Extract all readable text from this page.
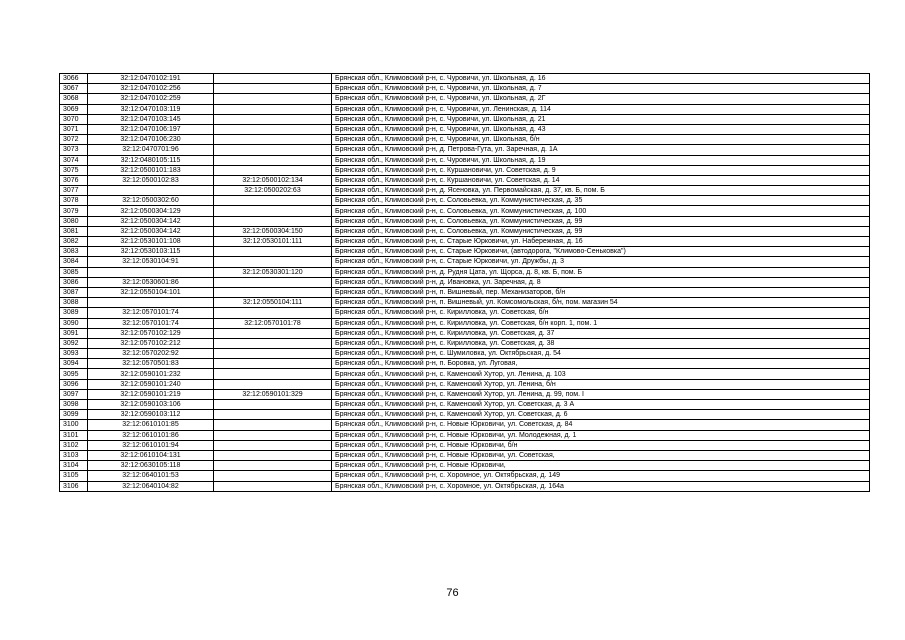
3066	32:12:0470102:191		Брянская обл., Климовский р-н, с. Чуровичи, ул. Школьная, д. 16
3067	32:12:0470102:256		Брянская обл., Климовский р-н, с. Чуровичи, ул. Школьная, д. 7
3068	32:12:0470102:259		Брянская обл., Климовский р-н, с. Чуровичи, ул. Школьная, д. 2Г
3069	32:12:0470103:119		Брянская обл., Климовский р-н, с. Чуровичи, ул. Ленинская, д. 114
3070	32:12:0470103:145		Брянская обл., Климовский р-н, с. Чуровичи, ул. Школьная, д. 21
3071	32:12:0470106:197		Брянская обл., Климовский р-н, с. Чуровичи, ул. Школьная, д. 43
3072	32:12:0470106:230		Брянская обл., Климовский р-н, с. Чуровичи, ул. Школьная, б/н
3073	32:12:0470701:96		Брянская обл., Климовский р-н, д. Петрова-Гута, ул. Заречная, д. 1А
3074	32:12:0480105:115		Брянская обл., Климовский р-н, с. Чуровичи, ул. Школьная, д. 19
3075	32:12:0500101:183		Брянская обл., Климовский р-н, с. Куршановичи, ул. Советская, д. 9
3076	32:12:0500102:83	32:12:0500102:134	Брянская обл., Климовский р-н, с. Куршановичи, ул. Советская, д. 14
3077		32:12:0500202:63	Брянская обл., Климовский р-н, д. Ясеновка, ул. Первомайская, д. 37, кв. Б, пом. Б
3078	32:12:0500302:60		Брянская обл., Климовский р-н, с. Соловьевка, ул. Коммунистическая, д. 35
3079	32:12:0500304:129		Брянская обл., Климовский р-н, с. Соловьевка, ул. Коммунистическая, д. 100
3080	32:12:0500304:142		Брянская обл., Климовский р-н, с. Соловьевка, ул. Коммунистическая, д. 99
3081	32:12:0500304:142	32:12:0500304:150	Брянская обл., Климовский р-н, с. Соловьевка, ул. Коммунистическая, д. 99
3082	32:12:0530101:108	32:12:0530101:111	Брянская обл., Климовский р-н, с. Старые Юрковичи, ул. Набережная, д. 16
3083	32:12:0530103:115		Брянская обл., Климовский р-н, с. Старые Юрковичи, (автодорога, "Климово-Сеньковка")
3084	32:12:0530104:91		Брянская обл., Климовский р-н, с. Старые Юрковичи, ул. Дружбы, д. 3
3085		32:12:0530301:120	Брянская обл., Климовский р-н, д. Рудня Цата, ул. Щорса, д. 8, кв. Б, пом. Б
3086	32:12:0530601:86		Брянская обл., Климовский р-н, д. Ивановка, ул. Заречная, д. 8
3087	32:12:0550104:101		Брянская обл., Климовский р-н, п. Вишневый, пер. Механизаторов, б/н
3088		32:12:0550104:111	Брянская обл., Климовский р-н, п. Вишневый, ул. Комсомольская, б/н, пом. магазин 54
3089	32:12:0570101:74		Брянская обл., Климовский р-н, с. Кирилловка, ул. Советская, б/н
3090	32:12:0570101:74	32:12:0570101:78	Брянская обл., Климовский р-н, с. Кирилловка, ул. Советская, б/н корп. 1, пом. 1
3091	32:12:0570102:129		Брянская обл., Климовский р-н, с. Кирилловка, ул. Советская, д. 37
3092	32:12:0570102:212		Брянская обл., Климовский р-н, с. Кирилловка, ул. Советская, д. 38
3093	32:12:0570202:92		Брянская обл., Климовский р-н, с. Шумиловка, ул. Октябрьская, д. 54
3094	32:12:0570501:83		Брянская обл., Климовский р-н, п. Боровка, ул. Луговая,
3095	32:12:0590101:232		Брянская обл., Климовский р-н, с. Каменский Хутор, ул. Ленина, д. 103
3096	32:12:0590101:240		Брянская обл., Климовский р-н, с. Каменский Хутор, ул. Ленина, б/н
3097	32:12:0590101:219	32:12:0590101:329	Брянская обл., Климовский р-н, с. Каменский Хутор, ул. Ленина, д. 99, пом. I
3098	32:12:0590103:106		Брянская обл., Климовский р-н, с. Каменский Хутор, ул. Советская, д. 3 А
3099	32:12:0590103:112		Брянская обл., Климовский р-н, с. Каменский Хутор, ул. Советская, д. 6
3100	32:12:0610101:85		Брянская обл., Климовский р-н, с. Новые Юрковичи, ул. Советская, д. 84
3101	32:12:0610101:86		Брянская обл., Климовский р-н, с. Новые Юрковичи, ул. Молодежная, д. 1
3102	32:12:0610101:94		Брянская обл., Климовский р-н, с. Новые Юрковичи, б/н
3103	32:12:0610104:131		Брянская обл., Климовский р-н, с. Новые Юрковичи, ул. Советская,
3104	32:12:0630105:118		Брянская обл., Климовский р-н, с. Новые Юрковичи,
3105	32:12:0640101:53		Брянская обл., Климовский р-н, с. Хоромное, ул. Октябрьская, д. 149
3106	32:12:0640104:82		Брянская обл., Климовский р-н, с. Хоромное, ул. Октябрьская, д. 164а
76
